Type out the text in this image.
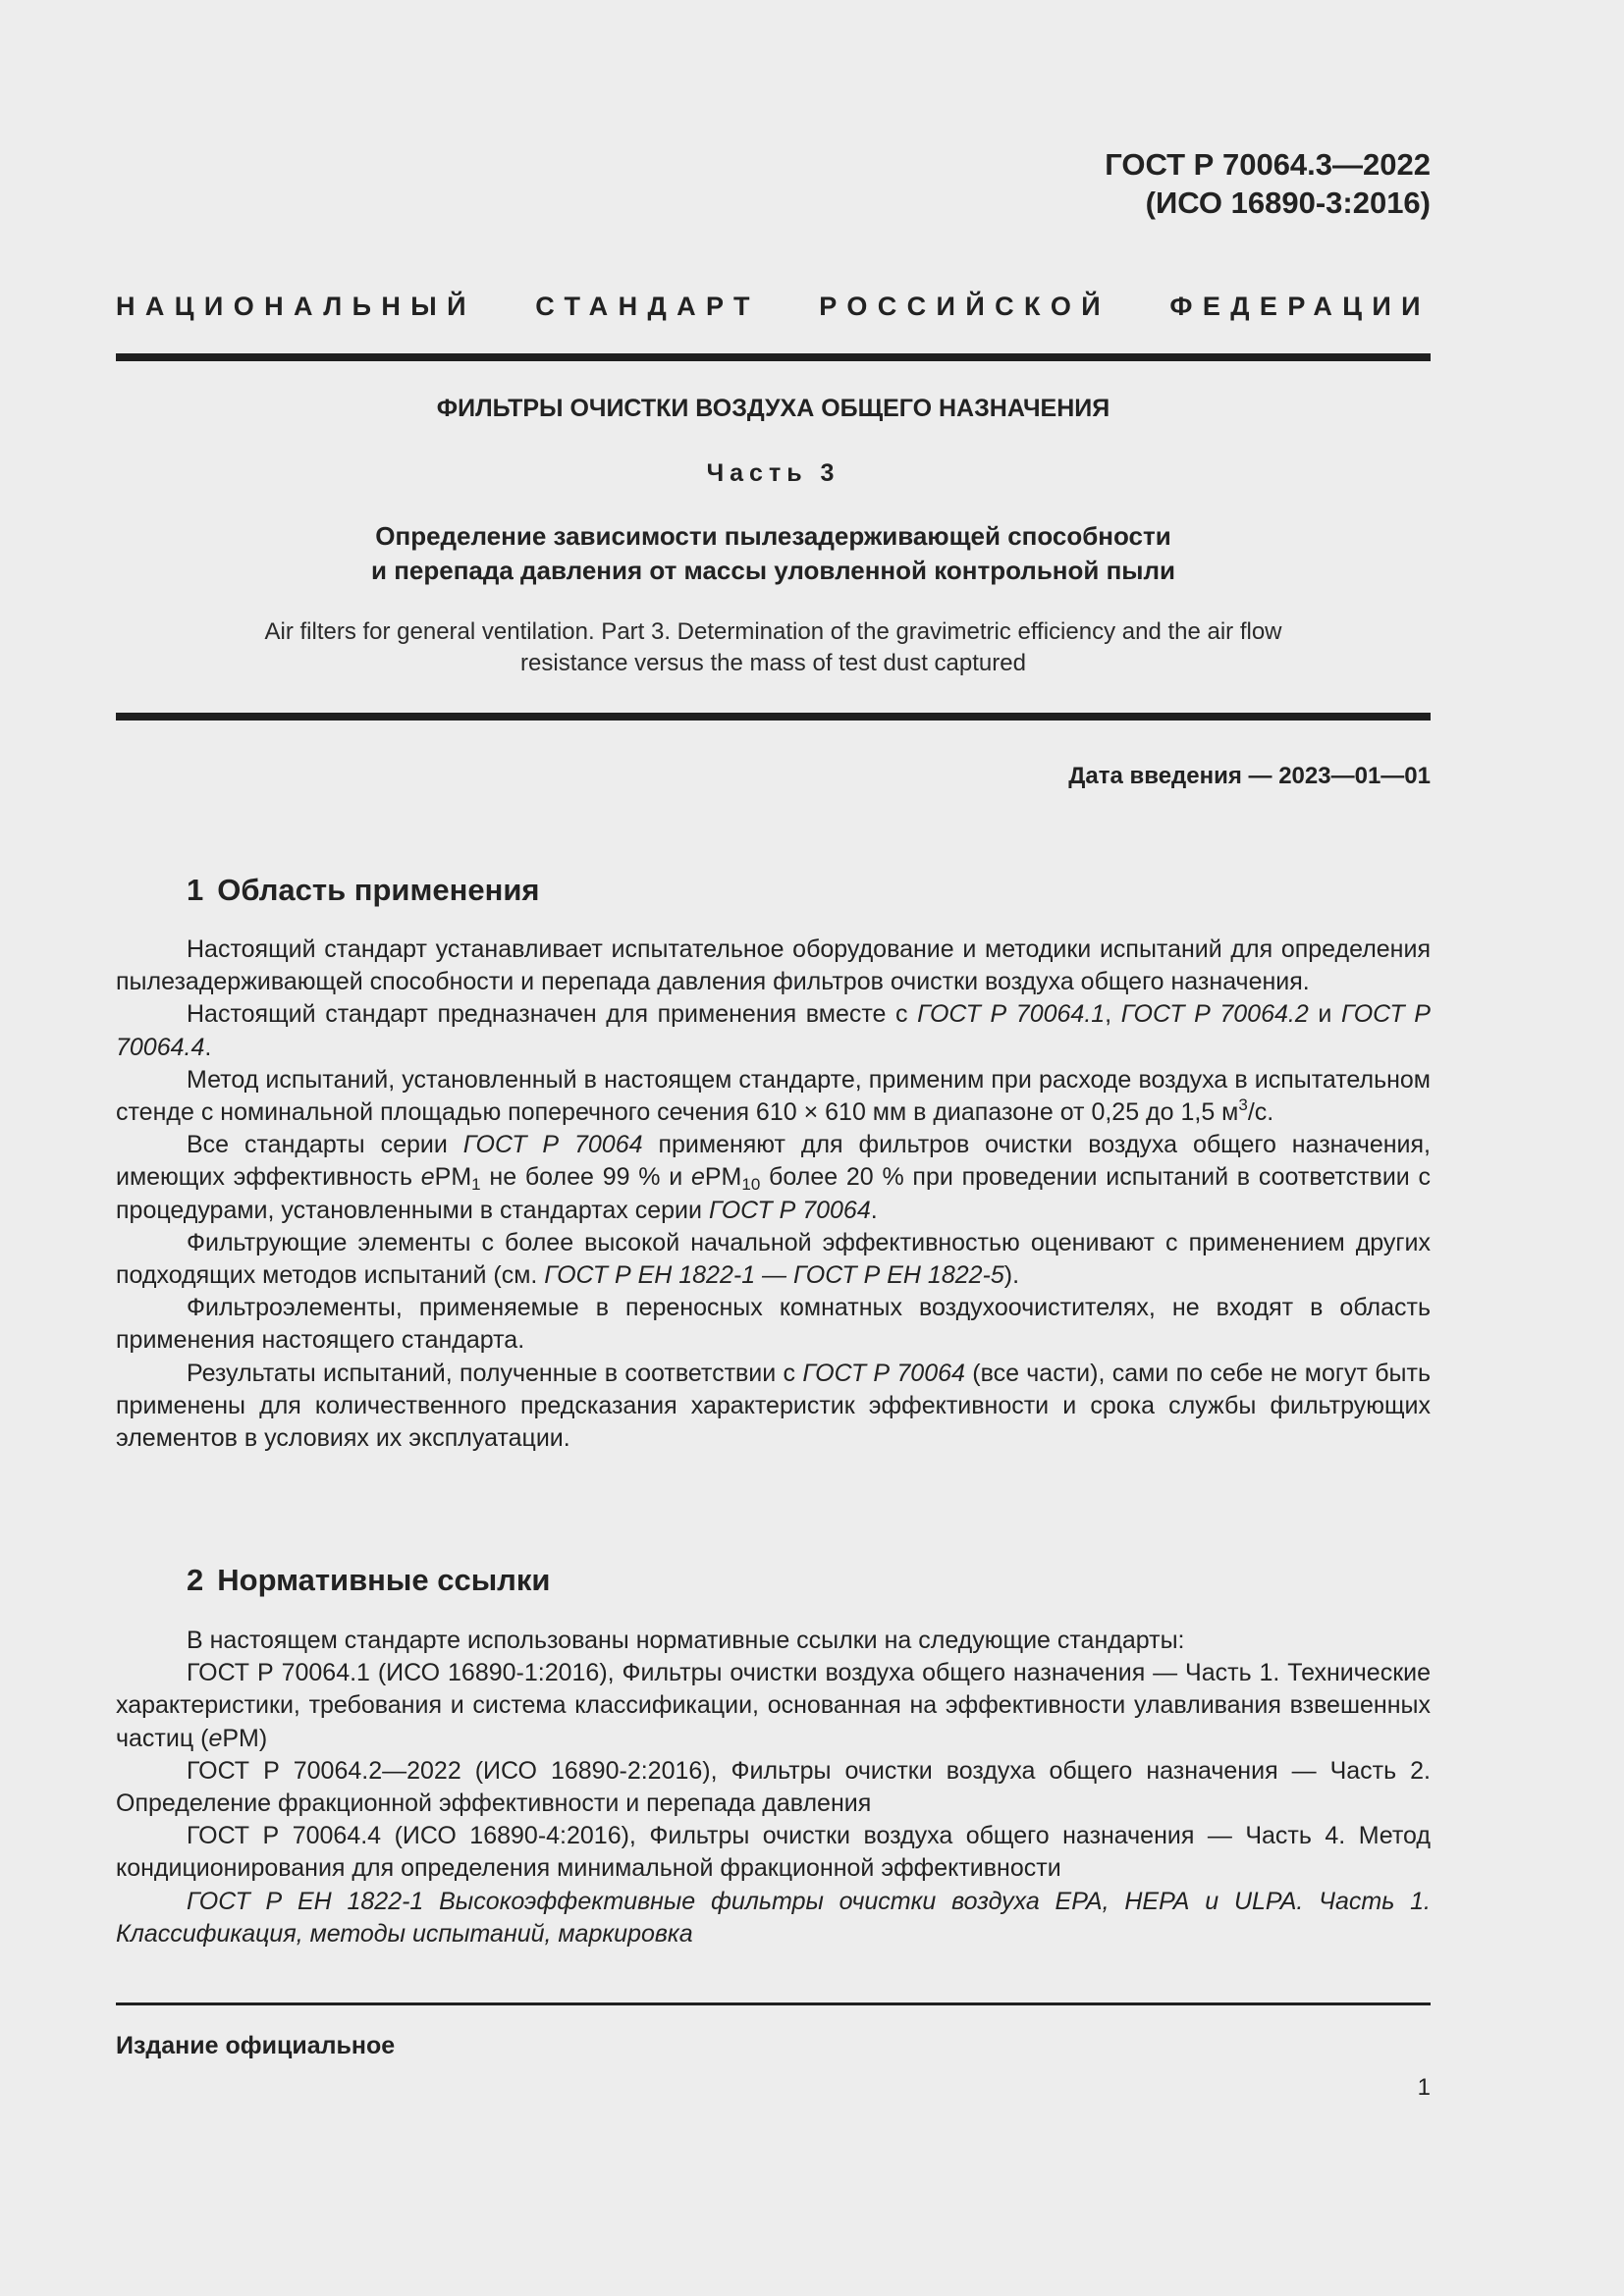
ГОСТ Р 70064.3—2022
(ИСО 16890-3:2016)
НАЦИОНАЛЬНЫЙ СТАНДАРТ РОССИЙСКОЙ ФЕДЕРАЦИИ
ФИЛЬТРЫ ОЧИСТКИ ВОЗДУХА ОБЩЕГО НАЗНАЧЕНИЯ
Часть 3
Определение зависимости пылезадерживающей способности
и перепада давления от массы уловленной контрольной пыли
Air filters for general ventilation. Part 3. Determination of the gravimetric efficiency and the air flow
resistance versus the mass of test dust captured
Дата введения — 2023—01—01
1 Область применения

Настоящий стандарт устанавливает испытательное оборудование и методики испытаний для определения пылезадерживающей способности и перепада давления фильтров очистки воздуха общего назначения.

Настоящий стандарт предназначен для применения вместе с ГОСТ Р 70064.1, ГОСТ Р 70064.2 и ГОСТ Р 70064.4.

Метод испытаний, установленный в настоящем стандарте, применим при расходе воздуха в испытательном стенде с номинальной площадью поперечного сечения 610 × 610 мм в диапазоне от 0,25 до 1,5 $м^3/с$.

Все стандарты серии ГОСТ Р 70064 применяют для фильтров очистки воздуха общего назначения, имеющих эффективность ePM$_1$ не более 99 % и ePM$_{10}$ более 20 % при проведении испытаний в соответствии с процедурами, установленными в стандартах серии ГОСТ Р 70064.

Фильтрующие элементы с более высокой начальной эффективностью оценивают с применением других подходящих методов испытаний (см. ГОСТ Р ЕН 1822-1 — ГОСТ Р ЕН 1822-5).

Фильтроэлементы, применяемые в переносных комнатных воздухоочистителях, не входят в область применения настоящего стандарта.

Результаты испытаний, полученные в соответствии с ГОСТ Р 70064 (все части), сами по себе не могут быть применены для количественного предсказания характеристик эффективности и срока службы фильтрующих элементов в условиях их эксплуатации.

2 Нормативные ссылки

В настоящем стандарте использованы нормативные ссылки на следующие стандарты:

ГОСТ Р 70064.1 (ИСО 16890-1:2016), Фильтры очистки воздуха общего назначения — Часть 1. Технические характеристики, требования и система классификации, основанная на эффективности улавливания взвешенных частиц (ePM)

ГОСТ Р 70064.2—2022 (ИСО 16890-2:2016), Фильтры очистки воздуха общего назначения — Часть 2. Определение фракционной эффективности и перепада давления

ГОСТ Р 70064.4 (ИСО 16890-4:2016), Фильтры очистки воздуха общего назначения — Часть 4. Метод кондиционирования для определения минимальной фракционной эффективности

ГОСТ Р ЕН 1822-1 Высокоэффективные фильтры очистки воздуха ЕРА, НЕРА и ULPA. Часть 1. Классификация, методы испытаний, маркировка

Издание официальное
1
